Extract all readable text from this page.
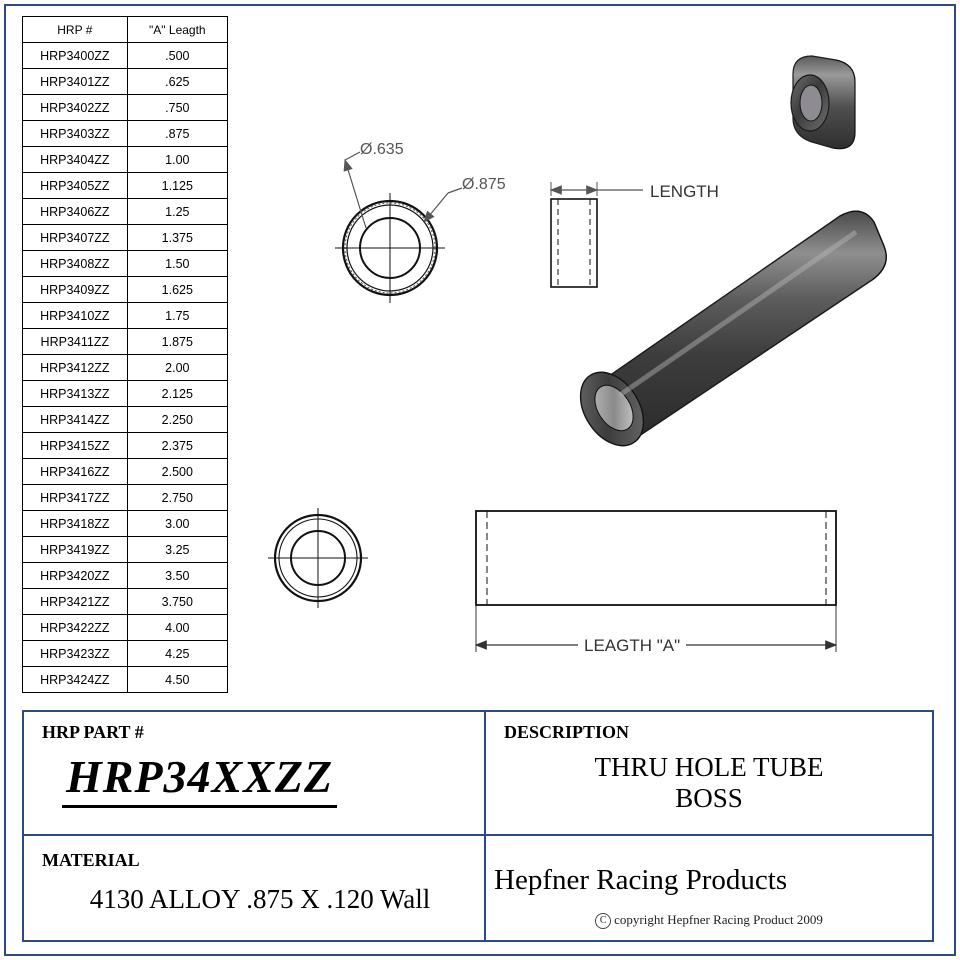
HRP #	"A" Leagth
HRP3400ZZ	.500
HRP3401ZZ	.625
HRP3402ZZ	.750
HRP3403ZZ	.875
HRP3404ZZ	1.00
HRP3405ZZ	1.125
HRP3406ZZ	1.25
HRP3407ZZ	1.375
HRP3408ZZ	1.50
HRP3409ZZ	1.625
HRP3410ZZ	1.75
HRP3411ZZ	1.875
HRP3412ZZ	2.00
HRP3413ZZ	2.125
HRP3414ZZ	2.250
HRP3415ZZ	2.375
HRP3416ZZ	2.500
HRP3417ZZ	2.750
HRP3418ZZ	3.00
HRP3419ZZ	3.25
HRP3420ZZ	3.50
HRP3421ZZ	3.750
HRP3422ZZ	4.00
HRP3423ZZ	4.25
HRP3424ZZ	4.50
Ø.635
Ø.875	LENGTH
LEAGTH "A"
HRP PART #
HRP34XXZZ
DESCRIPTION
THRU HOLE TUBE
BOSS
MATERIAL
4130 ALLOY .875 X .120 Wall
Hepfner Racing Products
C copyright Hepfner Racing Product 2009
